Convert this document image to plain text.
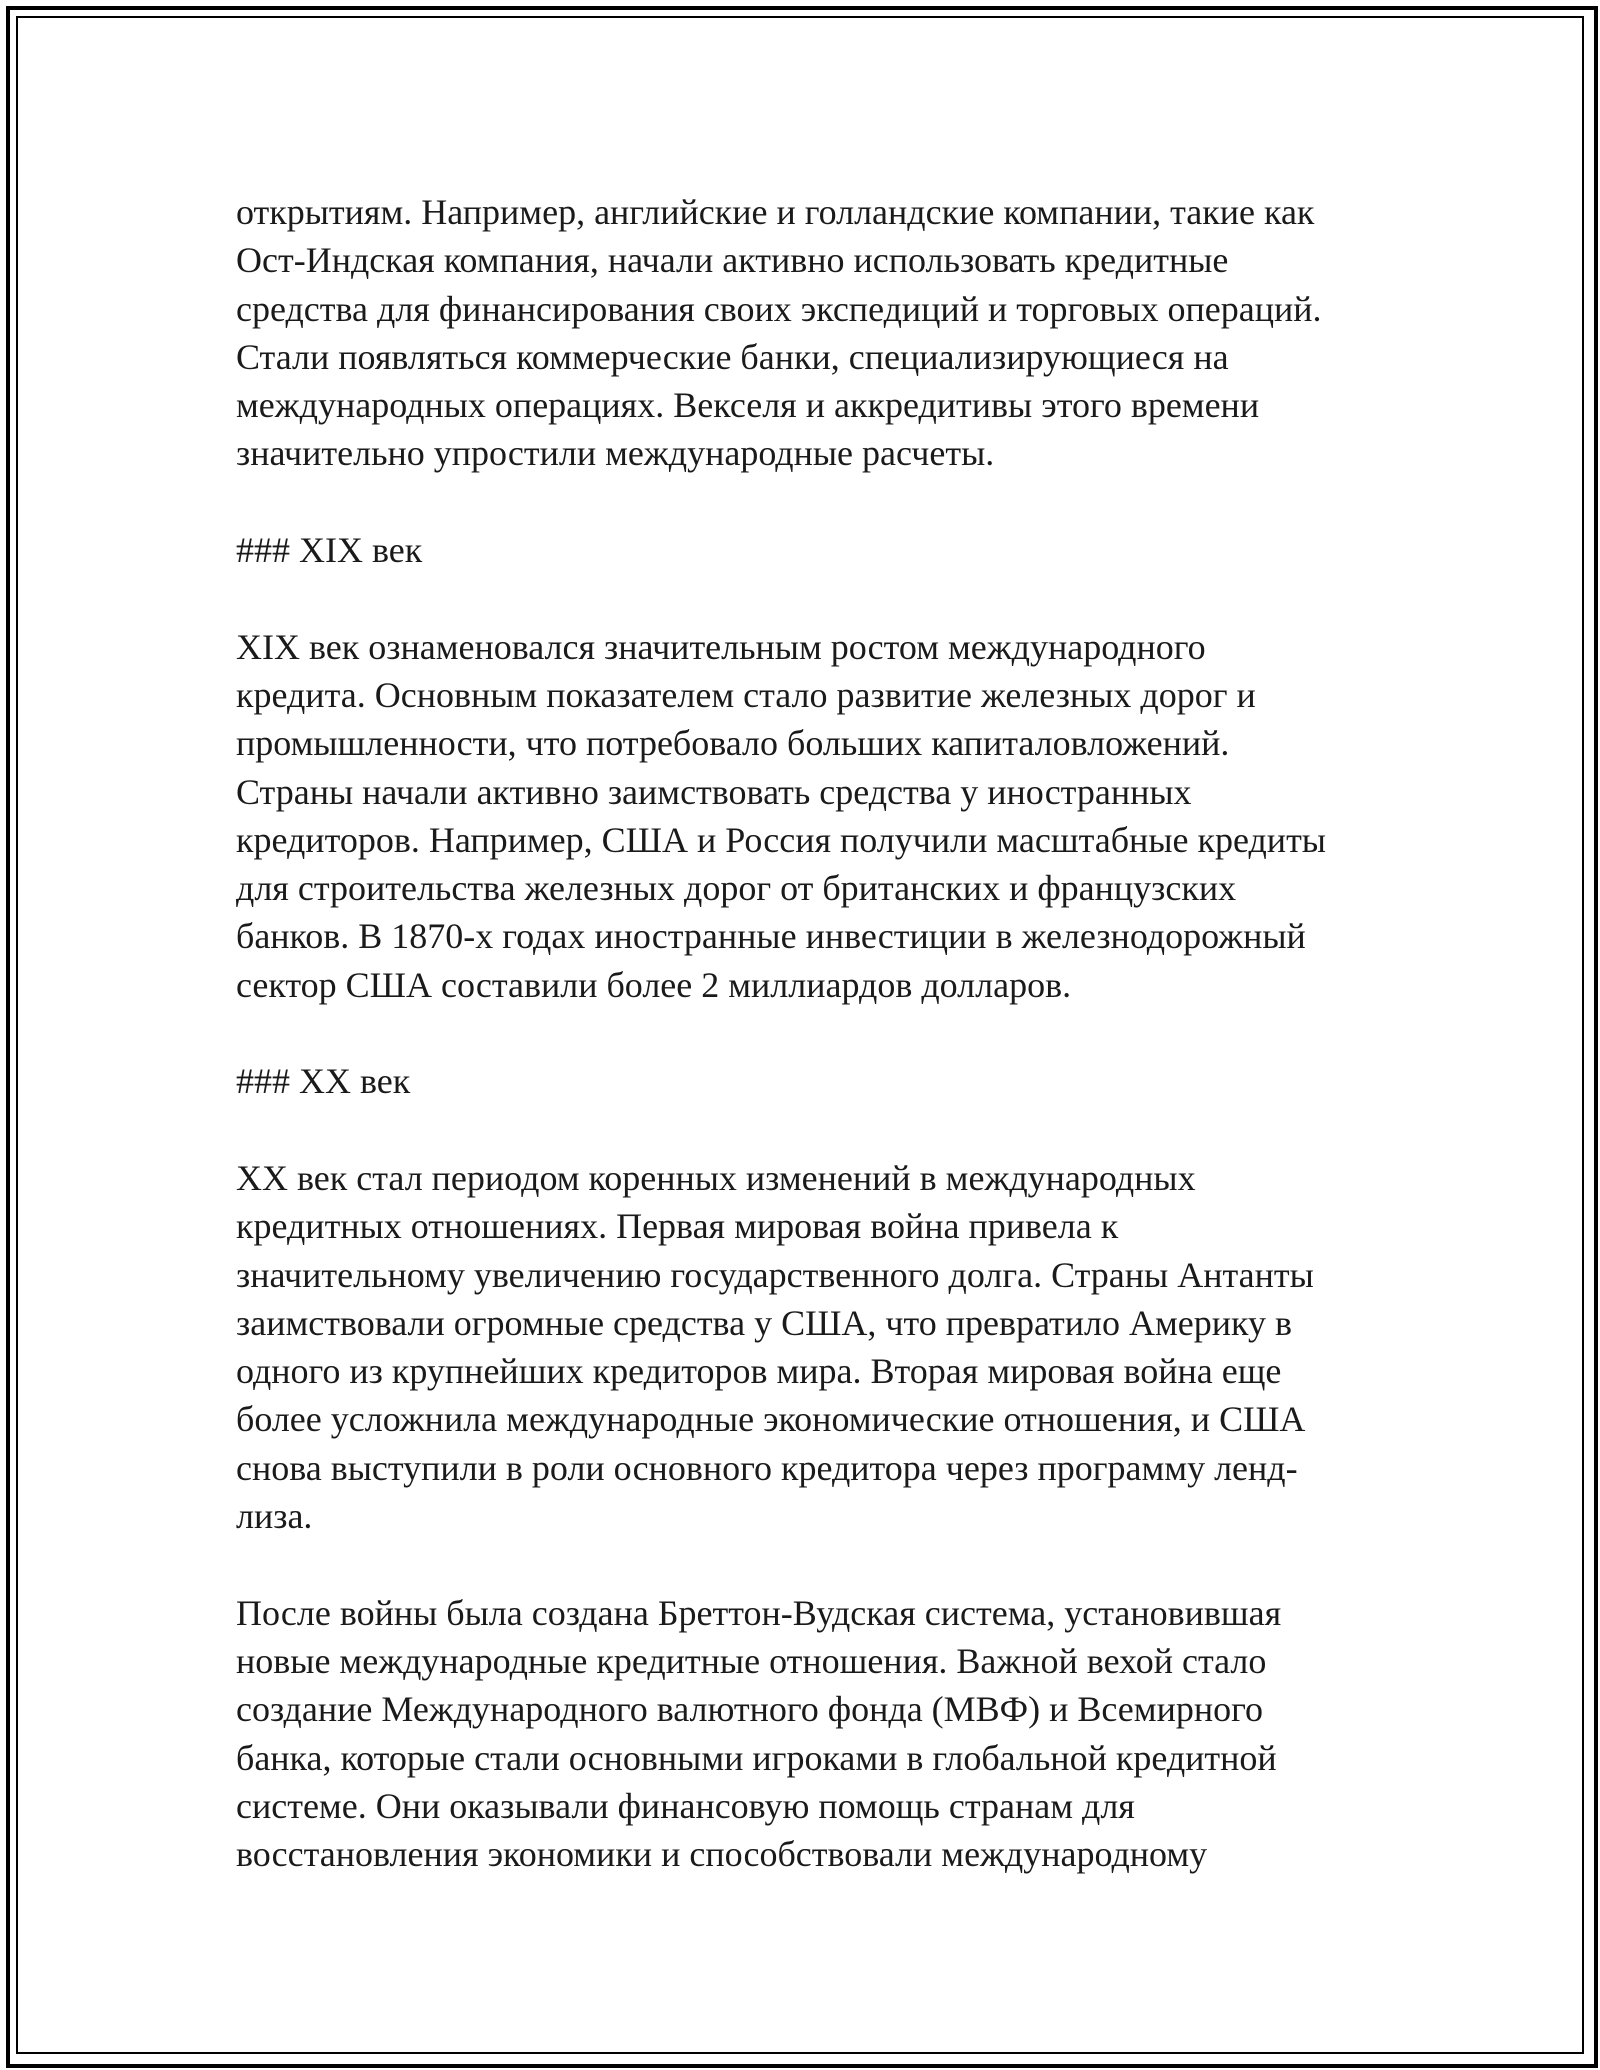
открытиям. Например, английские и голландские компании, такие как
Ост-Индская компания, начали активно использовать кредитные
средства для финансирования своих экспедиций и торговых операций.
Стали появляться коммерческие банки, специализирующиеся на
международных операциях. Векселя и аккредитивы этого времени
значительно упростили международные расчеты.
### XIX век
XIX век ознаменовался значительным ростом международного
кредита. Основным показателем стало развитие железных дорог и
промышленности, что потребовало больших капиталовложений.
Страны начали активно заимствовать средства у иностранных
кредиторов. Например, США и Россия получили масштабные кредиты
для строительства железных дорог от британских и французских
банков. В 1870-х годах иностранные инвестиции в железнодорожный
сектор США составили более 2 миллиардов долларов.
### XX век
XX век стал периодом коренных изменений в международных
кредитных отношениях. Первая мировая война привела к
значительному увеличению государственного долга. Страны Антанты
заимствовали огромные средства у США, что превратило Америку в
одного из крупнейших кредиторов мира. Вторая мировая война еще
более усложнила международные экономические отношения, и США
снова выступили в роли основного кредитора через программу ленд-
лиза.
После войны была создана Бреттон-Вудская система, установившая
новые международные кредитные отношения. Важной вехой стало
создание Международного валютного фонда (МВФ) и Всемирного
банка, которые стали основными игроками в глобальной кредитной
системе. Они оказывали финансовую помощь странам для
восстановления экономики и способствовали международному
